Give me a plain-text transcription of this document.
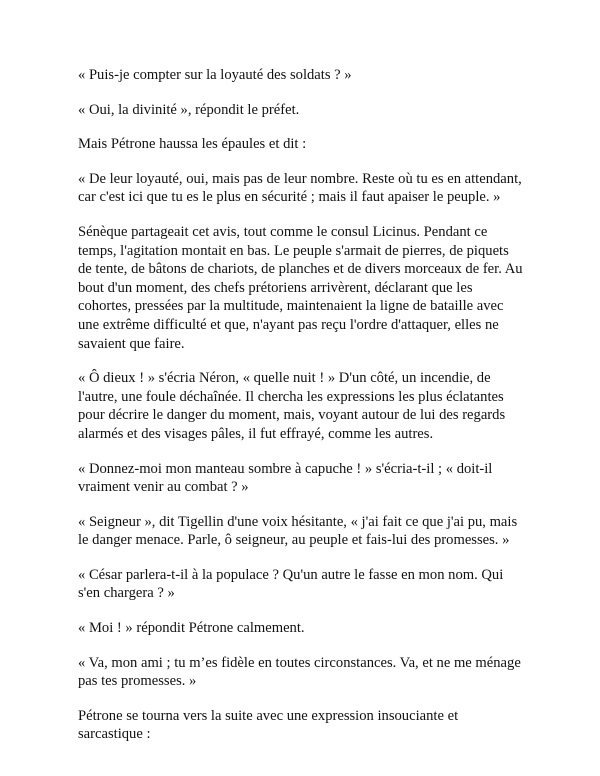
« Puis-je compter sur la loyauté des soldats ? »

« Oui, la divinité », répondit le préfet.

Mais Pétrone haussa les épaules et dit :

« De leur loyauté, oui, mais pas de leur nombre. Reste où tu es en attendant,
car c'est ici que tu es le plus en sécurité ; mais il faut apaiser le peuple. »

Sénèque partageait cet avis, tout comme le consul Licinus. Pendant ce
temps, l'agitation montait en bas. Le peuple s'armait de pierres, de piquets
de tente, de bâtons de chariots, de planches et de divers morceaux de fer. Au
bout d'un moment, des chefs prétoriens arrivèrent, déclarant que les
cohortes, pressées par la multitude, maintenaient la ligne de bataille avec
une extrême difficulté et que, n'ayant pas reçu l'ordre d'attaquer, elles ne
savaient que faire.

« Ô dieux ! » s'écria Néron, « quelle nuit ! » D'un côté, un incendie, de
l'autre, une foule déchaînée. Il chercha les expressions les plus éclatantes
pour décrire le danger du moment, mais, voyant autour de lui des regards
alarmés et des visages pâles, il fut effrayé, comme les autres.

« Donnez-moi mon manteau sombre à capuche ! » s'écria-t-il ; « doit-il
vraiment venir au combat ? »

« Seigneur », dit Tigellin d'une voix hésitante, « j'ai fait ce que j'ai pu, mais
le danger menace. Parle, ô seigneur, au peuple et fais-lui des promesses. »

« César parlera-t-il à la populace ? Qu'un autre le fasse en mon nom. Qui
s'en chargera ? »

« Moi ! » répondit Pétrone calmement.

« Va, mon ami ; tu m’es fidèle en toutes circonstances. Va, et ne me ménage
pas tes promesses. »

Pétrone se tourna vers la suite avec une expression insouciante et
sarcastique :
